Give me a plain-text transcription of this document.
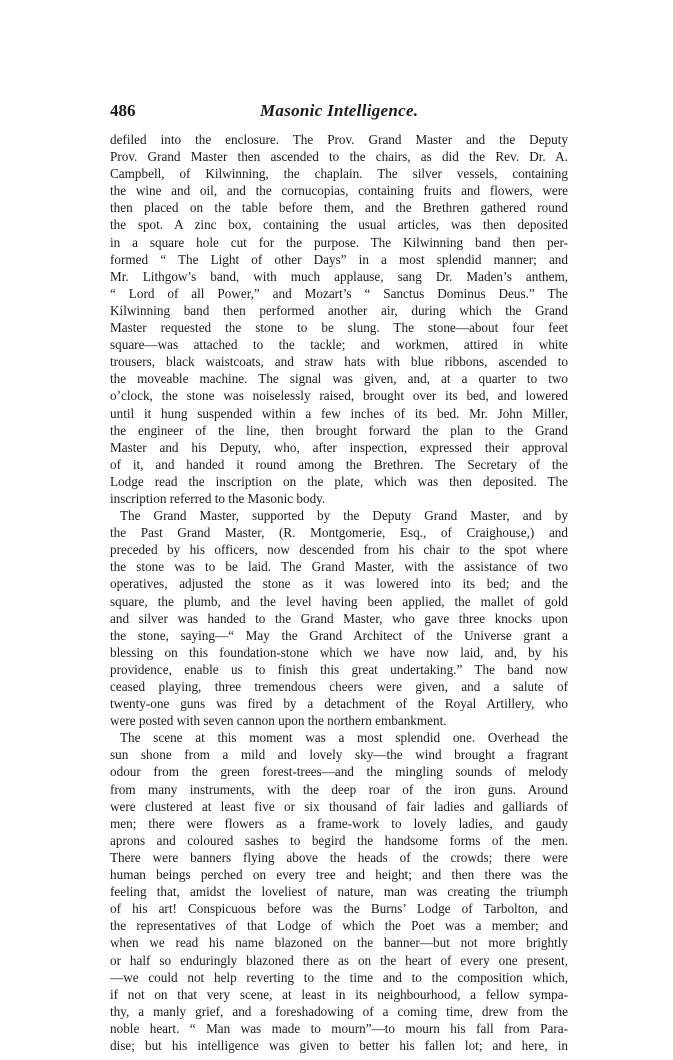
486	Masonic Intelligence.
defiled into the enclosure. The Prov. Grand Master and the Deputy
Prov. Grand Master then ascended to the chairs, as did the Rev. Dr. A.
Campbell, of Kilwinning, the chaplain. The silver vessels, containing
the wine and oil, and the cornucopias, containing fruits and flowers, were
then placed on the table before them, and the Brethren gathered round
the spot. A zinc box, containing the usual articles, was then deposited
in a square hole cut for the purpose. The Kilwinning band then per-
formed “ The Light of other Days” in a most splendid manner; and
Mr. Lithgow’s band, with much applause, sang Dr. Maden’s anthem,
“ Lord of all Power,” and Mozart’s “ Sanctus Dominus Deus.” The
Kilwinning band then performed another air, during which the Grand
Master requested the stone to be slung. The stone—about four feet
square—was attached to the tackle; and workmen, attired in white
trousers, black waistcoats, and straw hats with blue ribbons, ascended to
the moveable machine. The signal was given, and, at a quarter to two
o’clock, the stone was noiselessly raised, brought over its bed, and lowered
until it hung suspended within a few inches of its bed. Mr. John Miller,
the engineer of the line, then brought forward the plan to the Grand
Master and his Deputy, who, after inspection, expressed their approval
of it, and handed it round among the Brethren. The Secretary of the
Lodge read the inscription on the plate, which was then deposited. The
inscription referred to the Masonic body.
The Grand Master, supported by the Deputy Grand Master, and by
the Past Grand Master, (R. Montgomerie, Esq., of Craighouse,) and
preceded by his officers, now descended from his chair to the spot where
the stone was to be laid. The Grand Master, with the assistance of two
operatives, adjusted the stone as it was lowered into its bed; and the
square, the plumb, and the level having been applied, the mallet of gold
and silver was handed to the Grand Master, who gave three knocks upon
the stone, saying—“ May the Grand Architect of the Universe grant a
blessing on this foundation-stone which we have now laid, and, by his
providence, enable us to finish this great undertaking.” The band now
ceased playing, three tremendous cheers were given, and a salute of
twenty-one guns was fired by a detachment of the Royal Artillery, who
were posted with seven cannon upon the northern embankment.
The scene at this moment was a most splendid one. Overhead the
sun shone from a mild and lovely sky—the wind brought a fragrant
odour from the green forest-trees—and the mingling sounds of melody
from many instruments, with the deep roar of the iron guns. Around
were clustered at least five or six thousand of fair ladies and galliards of
men; there were flowers as a frame-work to lovely ladies, and gaudy
aprons and coloured sashes to begird the handsome forms of the men.
There were banners flying above the heads of the crowds; there were
human beings perched on every tree and height; and then there was the
feeling that, amidst the loveliest of nature, man was creating the triumph
of his art! Conspicuous before was the Burns’ Lodge of Tarbolton, and
the representatives of that Lodge of which the Poet was a member; and
when we read his name blazoned on the banner—but not more brightly
or half so enduringly blazoned there as on the heart of every one present,
—we could not help reverting to the time and to the composition which,
if not on that very scene, at least in its neighbourhood, a fellow sympa-
thy, a manly grief, and a foreshadowing of a coming time, drew from the
noble heart. “ Man was made to mourn”—to mourn his fall from Para-
dise; but his intelligence was given to better his fallen lot; and here, in
